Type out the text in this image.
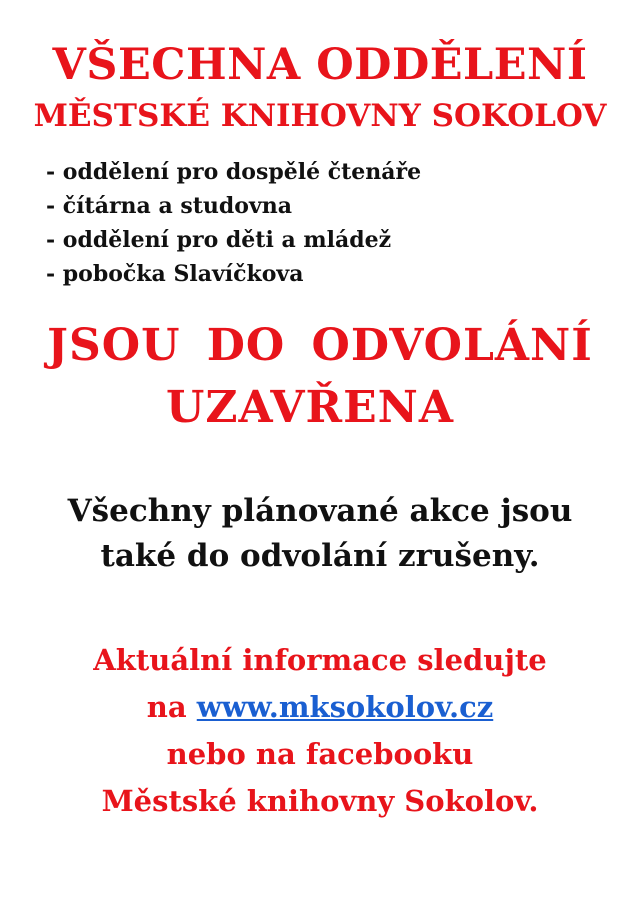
VŠECHNA ODDĚLENÍ
MĚSTSKÉ KNIHOVNY SOKOLOV
- oddělení pro dospělé čtenáře
- čítárna a studovna
- oddělení pro děti a mládež
- pobočka Slavíčkova
JSOU DO ODVOLÁNÍ
UZAVŘENA
Všechny plánované akce jsou
také do odvolání zrušeny.
Aktuální informace sledujte
na www.mksokolov.cz
nebo na facebooku
Městské knihovny Sokolov.
